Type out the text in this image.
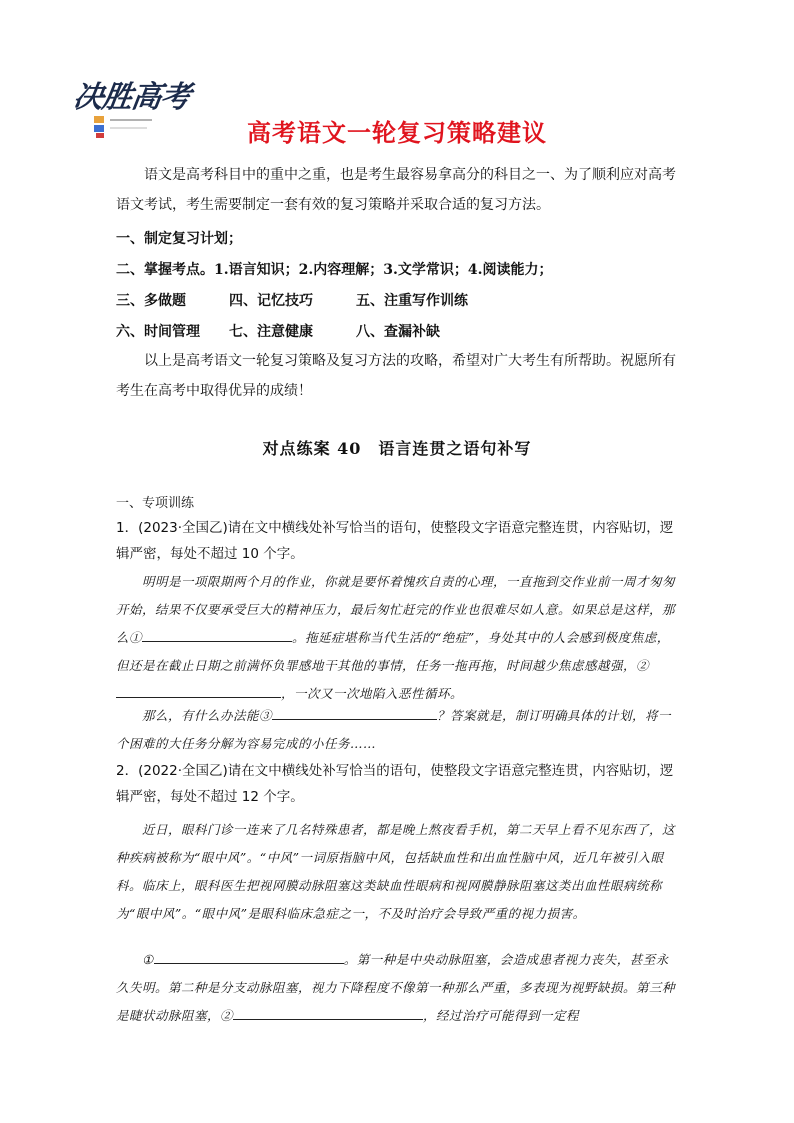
决胜高考
高考语文一轮复习策略建议
语文是高考科目中的重中之重，也是考生最容易拿高分的科目之一、为了顺利应对高考语文考试，考生需要制定一套有效的复习策略并采取合适的复习方法。
一、制定复习计划；
二、掌握考点。1.语言知识；2.内容理解；3.文学常识；4.阅读能力；
三、多做题	四、记忆技巧	五、注重写作训练
六、时间管理 七、注意健康	八、查漏补缺
以上是高考语文一轮复习策略及复习方法的攻略，希望对广大考生有所帮助。祝愿所有考生在高考中取得优异的成绩！
对点练案 40　语言连贯之语句补写
一、专项训练
1．(2023·全国乙)请在文中横线处补写恰当的语句，使整段文字语意完整连贯，内容贴切，逻辑严密，每处不超过 10 个字。
明明是一项限期两个月的作业，你就是要怀着愧疚自责的心理，一直拖到交作业前一周才匆匆开始，结果不仅要承受巨大的精神压力，最后匆忙赶完的作业也很难尽如人意。如果总是这样，那么①	。拖延症堪称当代生活的“绝症”，身处其中的人会感到极度焦虑，但还是在截止日期之前满怀负罪感地干其他的事情，任务一拖再拖，时间越少焦虑感越强，②，一次又一次地陷入恶性循环。
那么，有什么办法能③	？答案就是，制订明确具体的计划，将一个困难的大任务分解为容易完成的小任务……
2．(2022·全国乙)请在文中横线处补写恰当的语句，使整段文字语意完整连贯，内容贴切，逻辑严密，每处不超过 12 个字。
近日，眼科门诊一连来了几名特殊患者，都是晚上熬夜看手机，第二天早上看不见东西了，这种疾病被称为“眼中风”。“中风”一词原指脑中风，包括缺血性和出血性脑中风，近几年被引入眼科。临床上，眼科医生把视网膜动脉阻塞这类缺血性眼病和视网膜静脉阻塞这类出血性眼病统称为“眼中风”。“眼中风”是眼科临床急症之一，不及时治疗会导致严重的视力损害。
①	。第一种是中央动脉阻塞，会造成患者视力丧失，甚至永久失明。第二种是分支动脉阻塞，视力下降程度不像第一种那么严重，多表现为视野缺损。第三种是睫状动脉阻塞，②	，经过治疗可能得到一定程
